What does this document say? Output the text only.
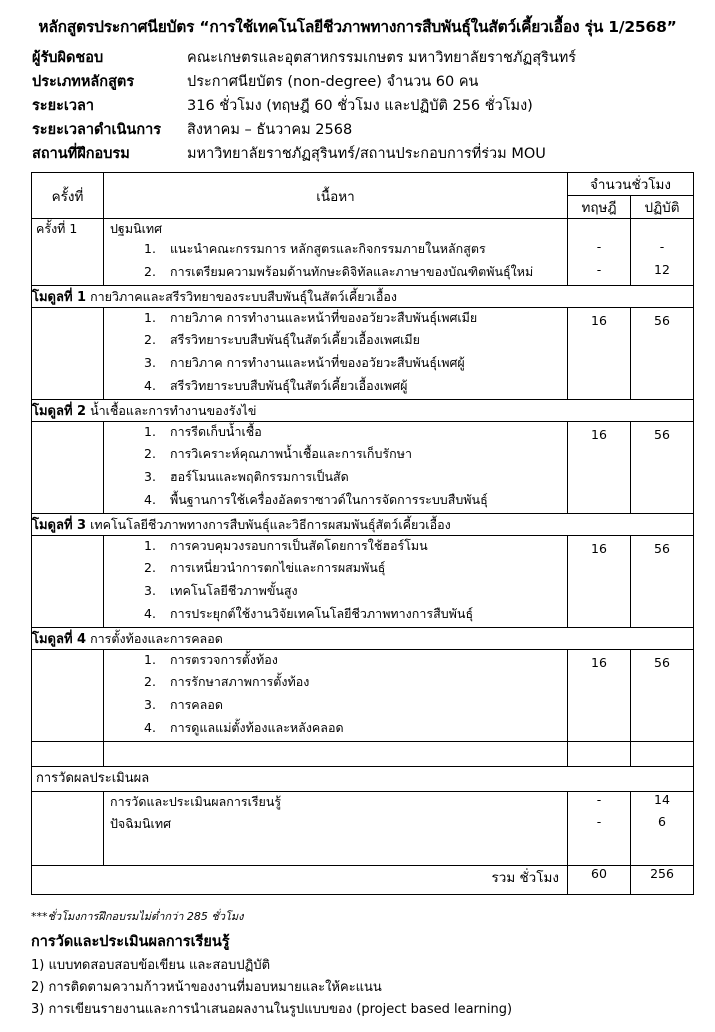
หลักสูตรประกาศนียบัตร “การใช้เทคโนโลยีชีวภาพทางการสืบพันธุ์ในสัตว์เคี้ยวเอื้อง รุ่น 1/2568”
ผู้รับผิดชอบ	คณะเกษตรและอุตสาหกรรมเกษตร มหาวิทยาลัยราชภัฏสุรินทร์
ประเภทหลักสูตร	ประกาศนียบัตร (non-degree) จำนวน 60 คน
ระยะเวลา	316 ชั่วโมง (ทฤษฎี 60 ชั่วโมง และปฏิบัติ 256 ชั่วโมง)
ระยะเวลาดำเนินการ สิงหาคม – ธันวาคม 2568
สถานที่ฝึกอบรม	มหาวิทยาลัยราชภัฏสุรินทร์/สถานประกอบการที่ร่วม MOU
ครั้งที่	เนื้อหา	จำนวนชั่วโมง	
		ทฤษฎี	ปฏิบัติ
ครั้งที่ 1	ปฐมนิเทศ		
	1. แนะนำคณะกรรมการ หลักสูตรและกิจกรรมภายในหลักสูตร	-	-
	2. การเตรียมความพร้อมด้านทักษะดิจิทัลและภาษาของบัณฑิตพันธุ์ใหม่	-	12
โมดูลที่ 1 กายวิภาคและสรีรวิทยาของระบบสืบพันธุ์ในสัตว์เคี้ยวเอื้อง			
	1. กายวิภาค การทำงานและหน้าที่ของอวัยวะสืบพันธุ์เพศเมีย	16	56
	2. สรีรวิทยาระบบสืบพันธุ์ในสัตว์เคี้ยวเอื้องเพศเมีย		
	3. กายวิภาค การทำงานและหน้าที่ของอวัยวะสืบพันธุ์เพศผู้		
	4. สรีรวิทยาระบบสืบพันธุ์ในสัตว์เคี้ยวเอื้องเพศผู้		
โมดูลที่ 2 น้ำเชื้อและการทำงานของรังไข่			
	1. การรีดเก็บน้ำเชื้อ	16	56
	2. การวิเคราะห์คุณภาพน้ำเชื้อและการเก็บรักษา		
	3. ฮอร์โมนและพฤติกรรมการเป็นสัด		
	4. พื้นฐานการใช้เครื่องอัลตราซาวด์ในการจัดการระบบสืบพันธุ์		
โมดูลที่ 3 เทคโนโลยีชีวภาพทางการสืบพันธุ์และวิธีการผสมพันธุ์สัตว์เคี้ยวเอื้อง			
	1. การควบคุมวงรอบการเป็นสัดโดยการใช้ฮอร์โมน	16	56
	2. การเหนี่ยวนำการตกไข่และการผสมพันธุ์		
	3. เทคโนโลยีชีวภาพขั้นสูง		
	4. การประยุกต์ใช้งานวิจัยเทคโนโลยีชีวภาพทางการสืบพันธุ์		
โมดูลที่ 4 การตั้งท้องและการคลอด			
	1. การตรวจการตั้งท้อง	16	56
	2. การรักษาสภาพการตั้งท้อง		
	3. การคลอด		
	4. การดูแลแม่ตั้งท้องและหลังคลอด		

การวัดผลประเมินผล			
	การวัดและประเมินผลการเรียนรู้	-	14
	ปัจฉิมนิเทศ	-	6

รวม ชั่วโมง		60	256
***ชั่วโมงการฝึกอบรมไม่ต่ำกว่า 285 ชั่วโมง
การวัดและประเมินผลการเรียนรู้
1) แบบทดสอบสอบข้อเขียน และสอบปฏิบัติ
2) การติดตามความก้าวหน้าของงานที่มอบหมายและให้คะแนน
3) การเขียนรายงานและการนำเสนอผลงานในรูปแบบของ (project based learning)
